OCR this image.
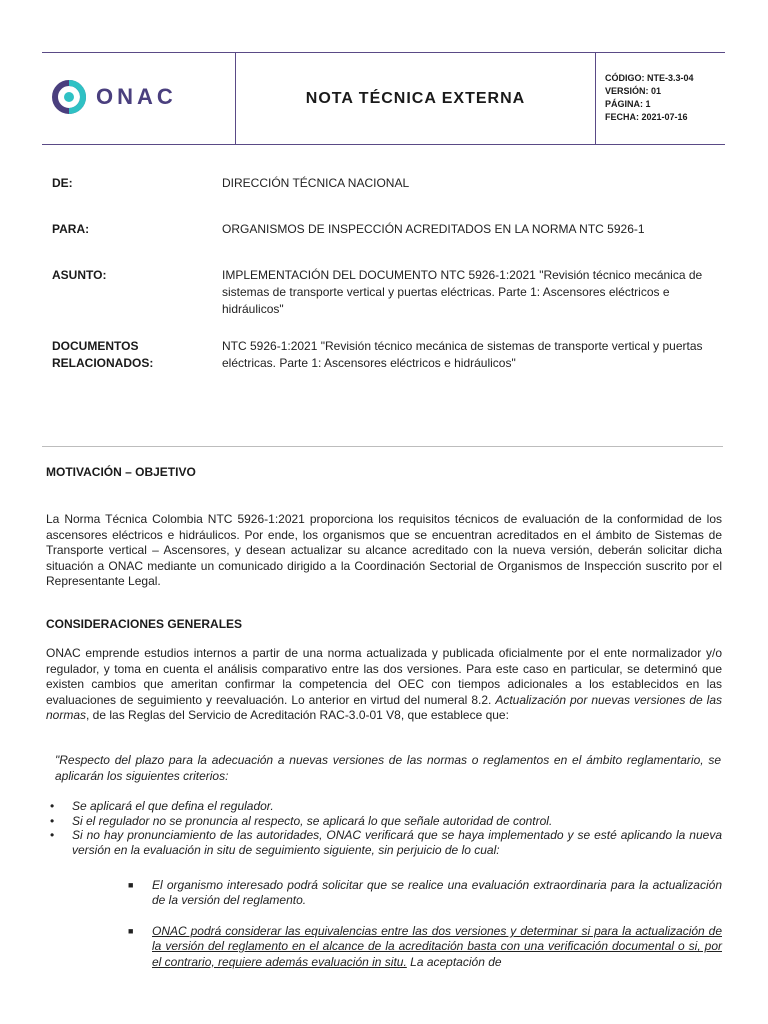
ONAC	NOTA TÉCNICA EXTERNA
CÓDIGO: NTE-3.3-04
VERSIÓN: 01
PÁGINA: 1
FECHA: 2021-07-16
DE:	DIRECCIÓN TÉCNICA NACIONAL
PARA:	ORGANISMOS DE INSPECCIÓN ACREDITADOS EN LA NORMA NTC 5926-1
ASUNTO:	IMPLEMENTACIÓN DEL DOCUMENTO NTC 5926-1:2021 "Revisión técnico mecánica de sistemas de transporte vertical y puertas eléctricas. Parte 1: Ascensores eléctricos e hidráulicos"
DOCUMENTOS
RELACIONADOS:
NTC 5926-1:2021 "Revisión técnico mecánica de sistemas de transporte vertical y puertas eléctricas. Parte 1: Ascensores eléctricos e hidráulicos"
MOTIVACIÓN – OBJETIVO
La Norma Técnica Colombia NTC 5926-1:2021 proporciona los requisitos técnicos de evaluación de la conformidad de los ascensores eléctricos e hidráulicos. Por ende, los organismos que se encuentran acreditados en el ámbito de Sistemas de Transporte vertical – Ascensores, y desean actualizar su alcance acreditado con la nueva versión, deberán solicitar dicha situación a ONAC mediante un comunicado dirigido a la Coordinación Sectorial de Organismos de Inspección suscrito por el Representante Legal.
CONSIDERACIONES GENERALES
ONAC emprende estudios internos a partir de una norma actualizada y publicada oficialmente por el ente normalizador y/o regulador, y toma en cuenta el análisis comparativo entre las dos versiones. Para este caso en particular, se determinó que existen cambios que ameritan confirmar la competencia del OEC con tiempos adicionales a los establecidos en las evaluaciones de seguimiento y reevaluación. Lo anterior en virtud del numeral 8.2. Actualización por nuevas versiones de las normas, de las Reglas del Servicio de Acreditación RAC-3.0-01 V8, que establece que:
"Respecto del plazo para la adecuación a nuevas versiones de las normas o reglamentos en el ámbito reglamentario, se aplicarán los siguientes criterios:
• Se aplicará el que defina el regulador.
• Si el regulador no se pronuncia al respecto, se aplicará lo que señale autoridad de control.
• Si no hay pronunciamiento de las autoridades, ONAC verificará que se haya implementado y se esté aplicando la nueva versión en la evaluación in situ de seguimiento siguiente, sin perjuicio de lo cual:
■ El organismo interesado podrá solicitar que se realice una evaluación extraordinaria para la actualización de la versión del reglamento.
■ ONAC podrá considerar las equivalencias entre las dos versiones y determinar si para la actualización de la versión del reglamento en el alcance de la acreditación basta con una verificación documental o si, por el contrario, requiere además evaluación in situ. La aceptación de
